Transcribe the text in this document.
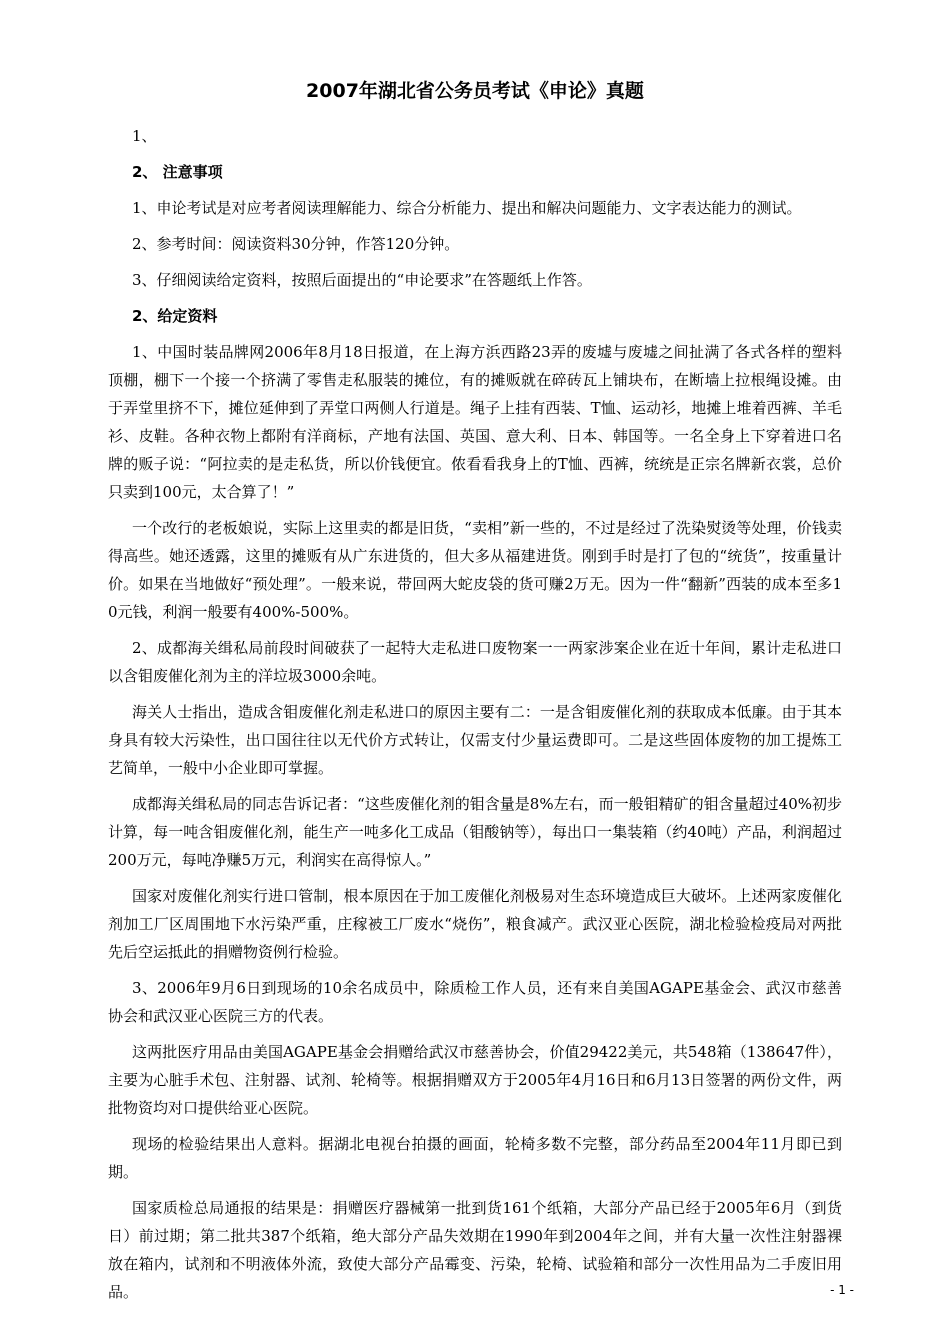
2007年湖北省公务员考试《申论》真题
1、
2、 注意事项
1、申论考试是对应考者阅读理解能力、综合分析能力、提出和解决问题能力、文字表达能力的测试。
2、参考时间：阅读资料30分钟，作答120分钟。
3、仔细阅读给定资料，按照后面提出的“申论要求”在答题纸上作答。
2、给定资料
1、中国时装品牌网2006年8月18日报道，在上海方浜西路23弄的废墟与废墟之间扯满了各式各样的塑料顶棚，棚下一个接一个挤满了零售走私服装的摊位，有的摊贩就在碎砖瓦上铺块布，在断墙上拉根绳设摊。由于弄堂里挤不下，摊位延伸到了弄堂口两侧人行道是。绳子上挂有西装、T恤、运动衫，地摊上堆着西裤、羊毛衫、皮鞋。各种衣物上都附有洋商标，产地有法国、英国、意大利、日本、韩国等。一名全身上下穿着进口名牌的贩子说：“阿拉卖的是走私货，所以价钱便宜。侬看看我身上的T恤、西裤，统统是正宗名牌新衣裳，总价只卖到100元，太合算了！”
一个改行的老板娘说，实际上这里卖的都是旧货，“卖相”新一些的，不过是经过了洗染熨烫等处理，价钱卖得高些。她还透露，这里的摊贩有从广东进货的，但大多从福建进货。刚到手时是打了包的“统货”，按重量计价。如果在当地做好“预处理”。一般来说，带回两大蛇皮袋的货可赚2万无。因为一件“翻新”西装的成本至多10元钱，利润一般要有400%-500%。
2、成都海关缉私局前段时间破获了一起特大走私进口废物案一一两家涉案企业在近十年间，累计走私进口以含钼废催化剂为主的洋垃圾3000余吨。
海关人士指出，造成含钼废催化剂走私进口的原因主要有二：一是含钼废催化剂的获取成本低廉。由于其本身具有较大污染性，出口国往往以无代价方式转让，仅需支付少量运费即可。二是这些固体废物的加工提炼工艺简单，一般中小企业即可掌握。
成都海关缉私局的同志告诉记者：“这些废催化剂的钼含量是8%左右，而一般钼精矿的钼含量超过40%初步计算，每一吨含钼废催化剂，能生产一吨多化工成品（钼酸钠等），每出口一集装箱（约40吨）产品，利润超过200万元，每吨净赚5万元，利润实在高得惊人。”
国家对废催化剂实行进口管制，根本原因在于加工废催化剂极易对生态环境造成巨大破坏。上述两家废催化剂加工厂区周围地下水污染严重，庄稼被工厂废水“烧伤”，粮食减产。武汉亚心医院，湖北检验检疫局对两批先后空运抵此的捐赠物资例行检验。
3、2006年9月6日到现场的10余名成员中，除质检工作人员，还有来自美国AGAPE基金会、武汉市慈善协会和武汉亚心医院三方的代表。
这两批医疗用品由美国AGAPE基金会捐赠给武汉市慈善协会，价值29422美元，共548箱（138647件），主要为心脏手术包、注射器、试剂、轮椅等。根据捐赠双方于2005年4月16日和6月13日签署的两份文件，两批物资均对口提供给亚心医院。
现场的检验结果出人意料。据湖北电视台拍摄的画面，轮椅多数不完整，部分药品至2004年11月即已到期。
国家质检总局通报的结果是：捐赠医疗器械第一批到货161个纸箱，大部分产品已经于2005年6月（到货日）前过期；第二批共387个纸箱，绝大部分产品失效期在1990年到2004年之间，并有大量一次性注射器裸放在箱内，试剂和不明液体外流，致使大部分产品霉变、污染，轮椅、试验箱和部分一次性用品为二手废旧用品。	- 1 -
